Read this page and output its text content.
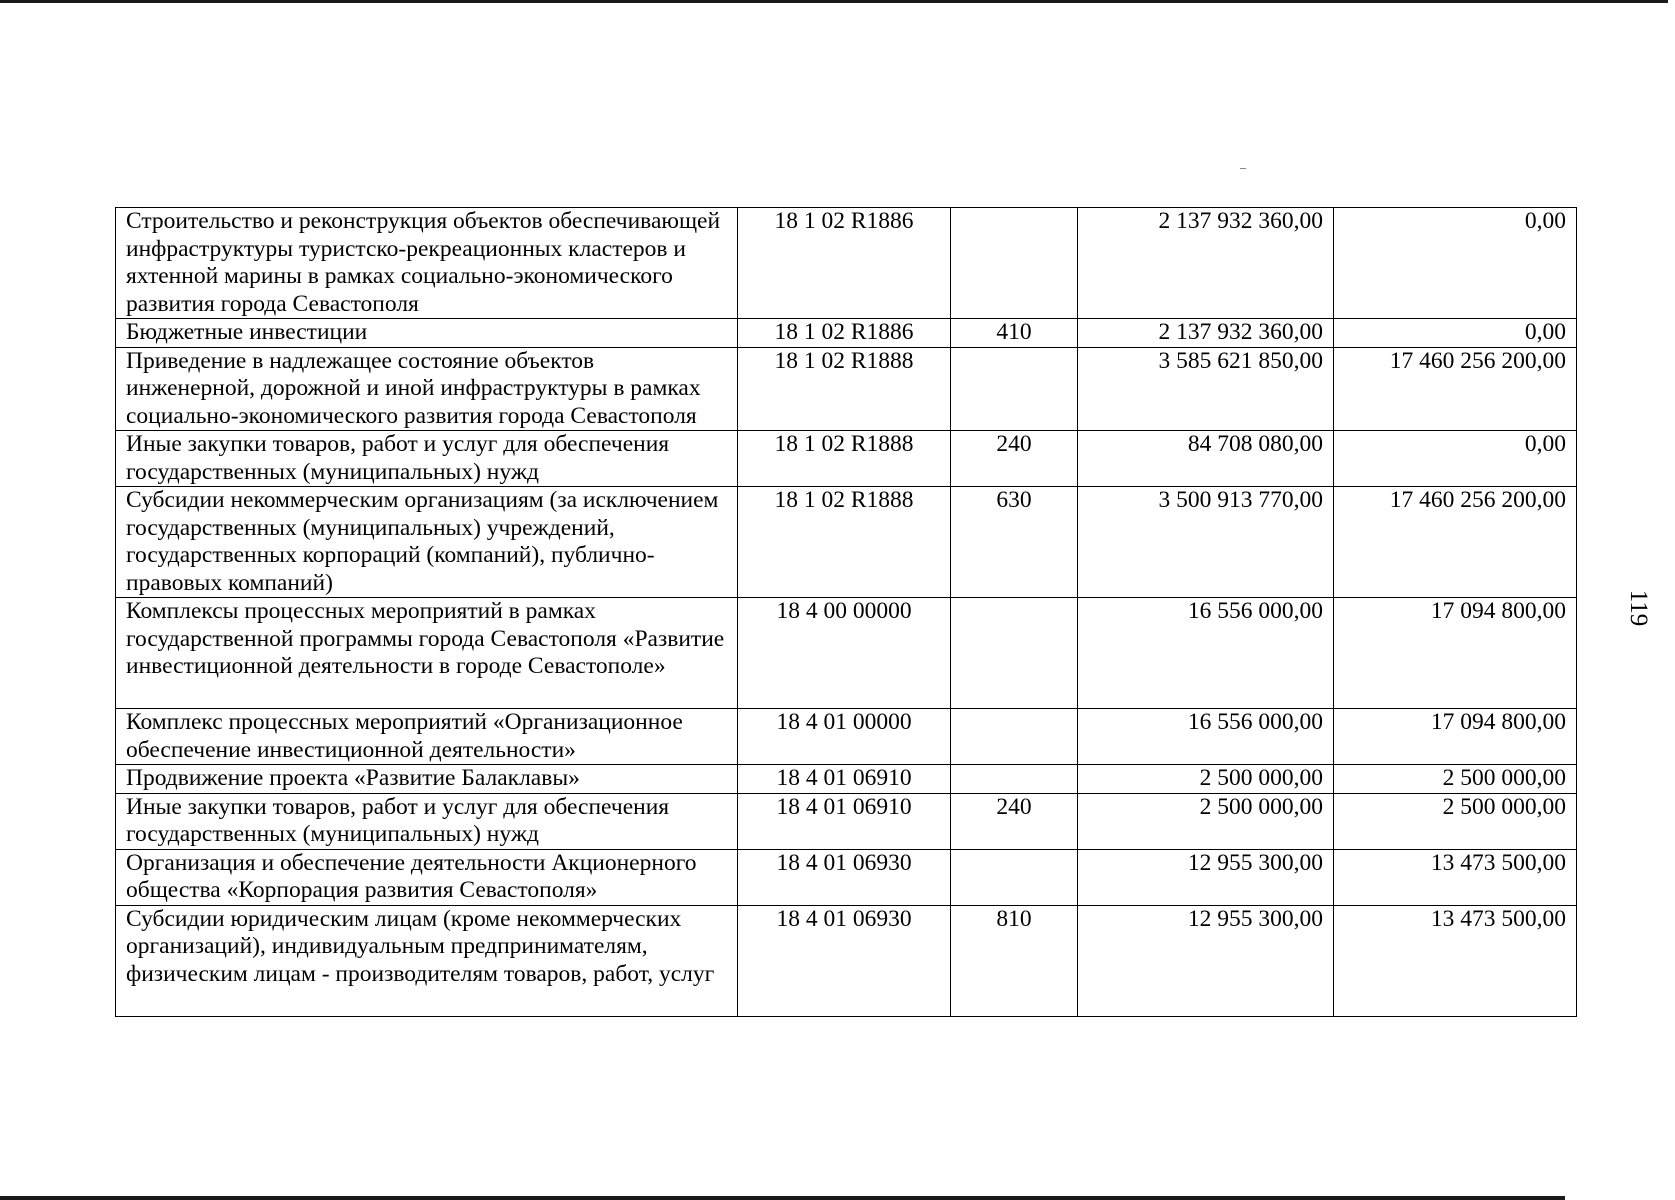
119
Строительство и реконструкция объектов обеспечивающей инфраструктуры туристско-рекреационных кластеров и яхтенной марины в рамках социально-экономического развития города Севастополя	18 1 02 R1886		2 137 932 360,00	0,00
Бюджетные инвестиции	18 1 02 R1886	410	2 137 932 360,00	0,00
Приведение в надлежащее состояние объектов инженерной, дорожной и иной инфраструктуры в рамках социально-экономического развития города Севастополя	18 1 02 R1888		3 585 621 850,00	17 460 256 200,00
Иные закупки товаров, работ и услуг для обеспечения государственных (муниципальных) нужд	18 1 02 R1888	240	84 708 080,00	0,00
Субсидии некоммерческим организациям (за исключением государственных (муниципальных) учреждений, государственных корпораций (компаний), публично-правовых компаний)	18 1 02 R1888	630	3 500 913 770,00	17 460 256 200,00
Комплексы процессных мероприятий в рамках государственной программы города Севастополя «Развитие инвестиционной деятельности в городе Севастополе»	18 4 00 00000		16 556 000,00	17 094 800,00
Комплекс процессных мероприятий «Организационное обеспечение инвестиционной деятельности»	18 4 01 00000		16 556 000,00	17 094 800,00
Продвижение проекта «Развитие Балаклавы»	18 4 01 06910		2 500 000,00	2 500 000,00
Иные закупки товаров, работ и услуг для обеспечения государственных (муниципальных) нужд	18 4 01 06910	240	2 500 000,00	2 500 000,00
Организация и обеспечение деятельности Акционерного общества «Корпорация развития Севастополя»	18 4 01 06930		12 955 300,00	13 473 500,00
Субсидии юридическим лицам (кроме некоммерческих организаций), индивидуальным предпринимателям, физическим лицам - производителям товаров, работ, услуг	18 4 01 06930	810	12 955 300,00	13 473 500,00
